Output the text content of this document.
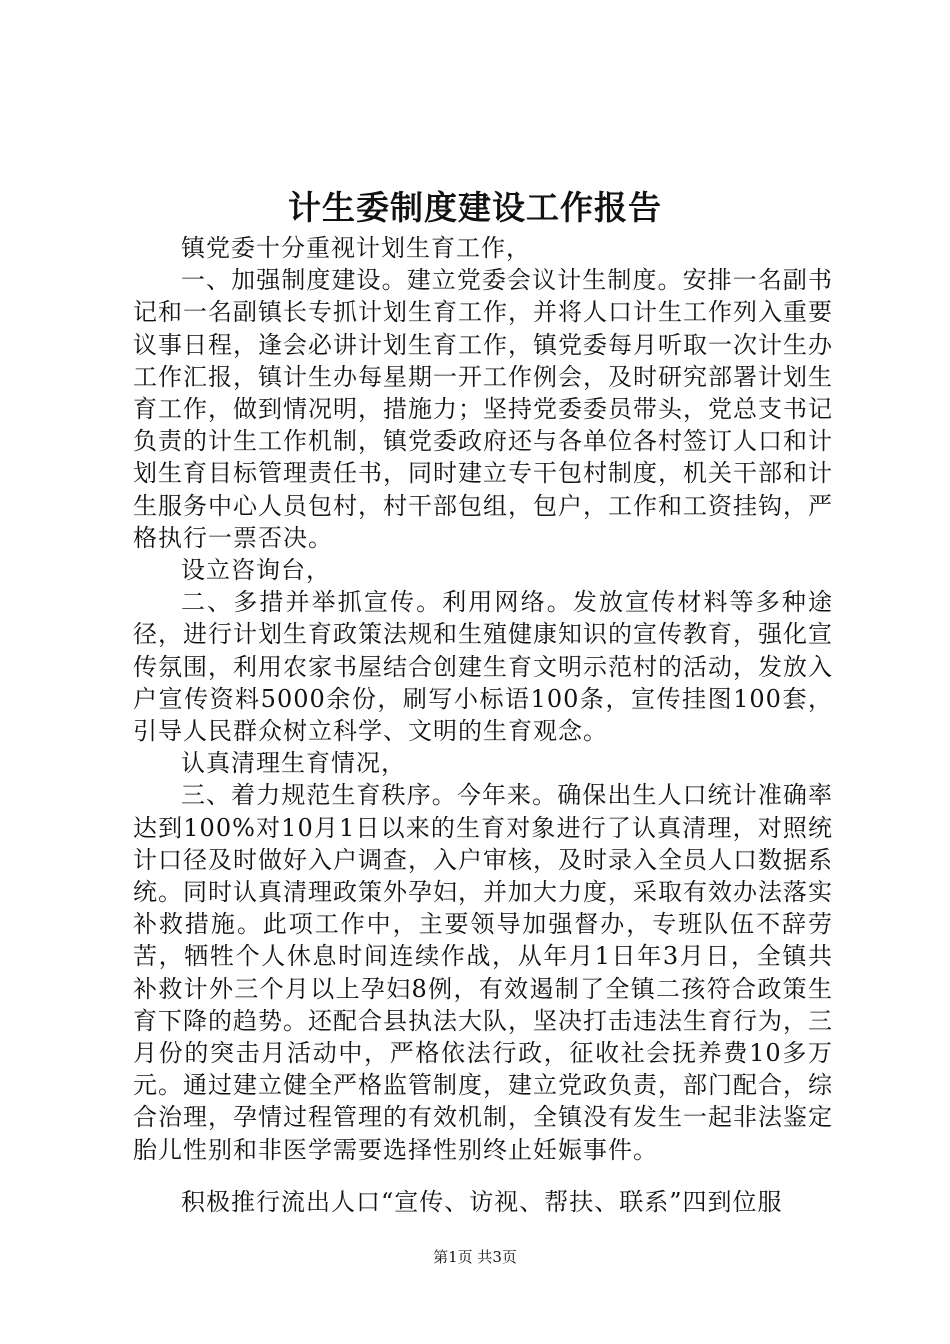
计生委制度建设工作报告

镇党委十分重视计划生育工作，

一、加强制度建设。建立党委会议计生制度。安排一名副书记和一名副镇长专抓计划生育工作，并将人口计生工作列入重要议事日程，逢会必讲计划生育工作，镇党委每月听取一次计生办工作汇报，镇计生办每星期一开工作例会，及时研究部署计划生育工作，做到情况明，措施力；坚持党委委员带头，党总支书记负责的计生工作机制，镇党委政府还与各单位各村签订人口和计划生育目标管理责任书，同时建立专干包村制度，机关干部和计生服务中心人员包村，村干部包组，包户，工作和工资挂钩，严格执行一票否决。

设立咨询台，

二、多措并举抓宣传。利用网络。发放宣传材料等多种途径，进行计划生育政策法规和生殖健康知识的宣传教育，强化宣传氛围，利用农家书屋结合创建生育文明示范村的活动，发放入户宣传资料5000余份，刷写小标语100条，宣传挂图100套，引导人民群众树立科学、文明的生育观念。

认真清理生育情况，

三、着力规范生育秩序。今年来。确保出生人口统计准确率达到100%对10月1日以来的生育对象进行了认真清理，对照统计口径及时做好入户调查，入户审核，及时录入全员人口数据系统。同时认真清理政策外孕妇，并加大力度，采取有效办法落实补救措施。此项工作中，主要领导加强督办，专班队伍不辞劳苦，牺牲个人休息时间连续作战，从年月1日年3月日，全镇共补救计外三个月以上孕妇8例，有效遏制了全镇二孩符合政策生育下降的趋势。还配合县执法大队，坚决打击违法生育行为，三月份的突击月活动中，严格依法行政，征收社会抚养费10多万元。通过建立健全严格监管制度，建立党政负责，部门配合，综合治理，孕情过程管理的有效机制，全镇没有发生一起非法鉴定胎儿性别和非医学需要选择性别终止妊娠事件。

积极推行流出人口“宣传、访视、帮扶、联系”四到位服

第1页 共3页
